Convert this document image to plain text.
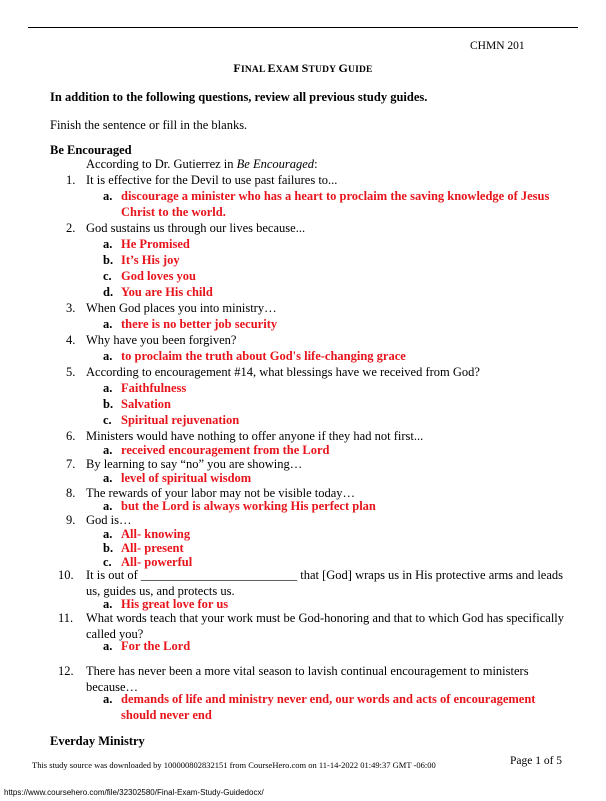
CHMN 201
FINAL EXAM STUDY GUIDE
In addition to the following questions, review all previous study guides.
Finish the sentence or fill in the blanks.
Be Encouraged
According to Dr. Gutierrez in Be Encouraged:
1. It is effective for the Devil to use past failures to...
a. discourage a minister who has a heart to proclaim the saving knowledge of Jesus Christ to the world.
2. God sustains us through our lives because...
a. He Promised
b. It’s His joy
c. God loves you
d. You are His child
3. When God places you into ministry…
a. there is no better job security
4. Why have you been forgiven?
a. to proclaim the truth about God's life-changing grace
5. According to encouragement #14, what blessings have we received from God?
a. Faithfulness
b. Salvation
c. Spiritual rejuvenation
6. Ministers would have nothing to offer anyone if they had not first...
a. received encouragement from the Lord
7. By learning to say “no” you are showing…
a. level of spiritual wisdom
8. The rewards of your labor may not be visible today…
a. but the Lord is always working His perfect plan
9. God is…
a. All- knowing
b. All- present
c. All- powerful
10. It is out of _________________________ that [God] wraps us in His protective arms and leads us, guides us, and protects us.
a. His great love for us
11. What words teach that your work must be God-honoring and that to which God has specifically called you?
a. For the Lord
12. There has never been a more vital season to lavish continual encouragement to ministers because…
a. demands of life and ministry never end, our words and acts of encouragement should never end
Everday Ministry
This study source was downloaded by 100000802832151 from CourseHero.com on 11-14-2022 01:49:37 GMT -06:00	Page 1 of 5
https://www.coursehero.com/file/32302580/Final-Exam-Study-Guidedocx/
